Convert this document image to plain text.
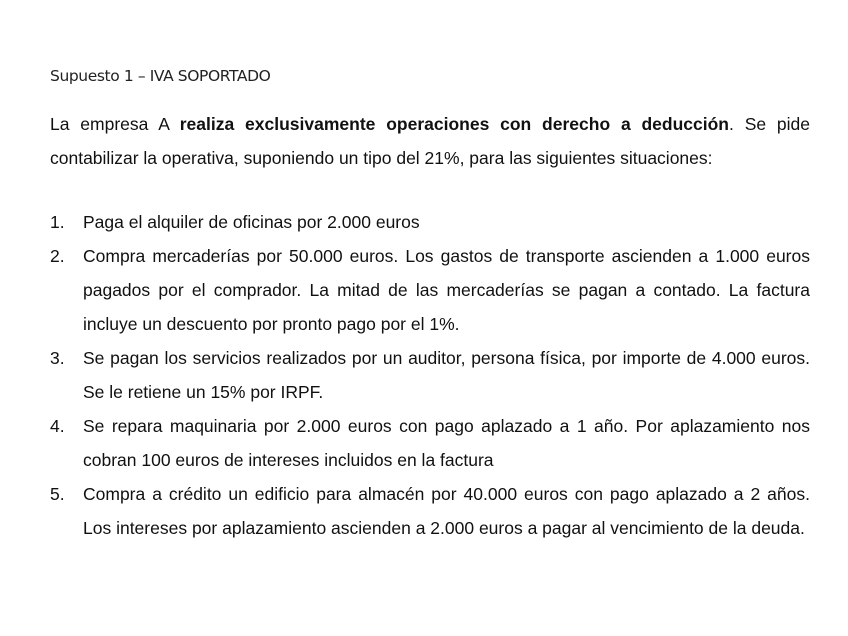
Supuesto 1 – IVA SOPORTADO

La empresa A realiza exclusivamente operaciones con derecho a deducción. Se pide contabilizar la operativa, suponiendo un tipo del 21%, para las siguientes situaciones:

1. Paga el alquiler de oficinas por 2.000 euros
2. Compra mercaderías por 50.000 euros. Los gastos de transporte ascienden a 1.000 euros pagados por el comprador. La mitad de las mercaderías se pagan a contado. La factura incluye un descuento por pronto pago por el 1%.
3. Se pagan los servicios realizados por un auditor, persona física, por importe de 4.000 euros. Se le retiene un 15% por IRPF.
4. Se repara maquinaria por 2.000 euros con pago aplazado a 1 año. Por aplazamiento nos cobran 100 euros de intereses incluidos en la factura
5. Compra a crédito un edificio para almacén por 40.000 euros con pago aplazado a 2 años. Los intereses por aplazamiento ascienden a 2.000 euros a pagar al vencimiento de la deuda.
